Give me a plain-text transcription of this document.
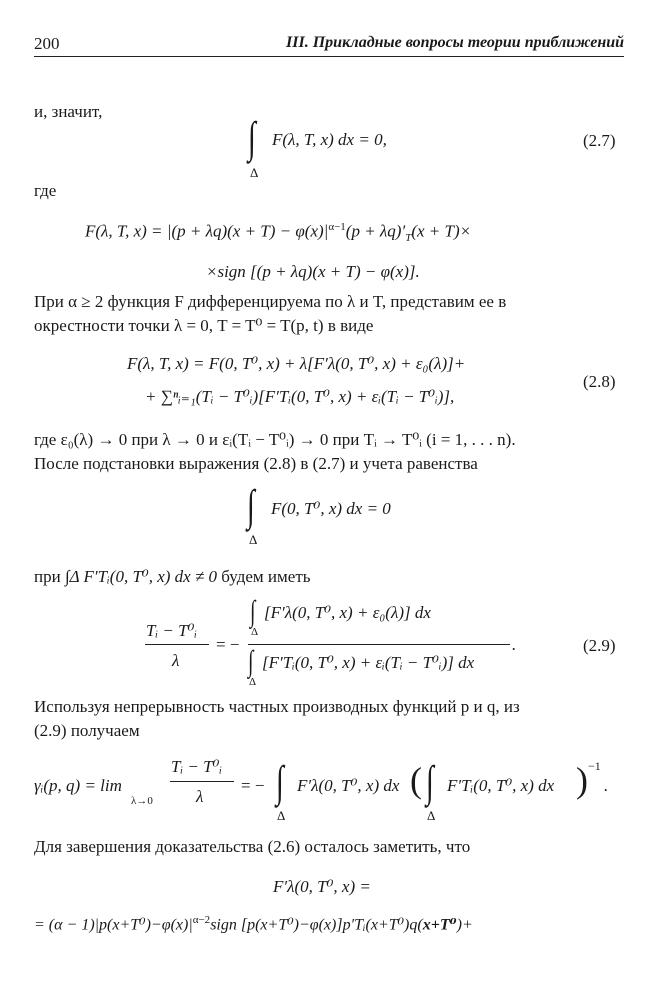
200	III. Прикладные вопросы теории приближений
и, значит,
∫
Δ
F(λ, T, x) dx = 0,	(2.7)
где
F(λ, T, $x) = |(p + \lambda q)(x + T) - \varphi(x)|^{\alpha-1}(p + \lambda q)'_T(x + T)\times$
×sign [(p + λq)(x + T) − φ(x)].
При α ≥ 2 функция F дифференцируема по λ и T, представим ее в
окрестности точки λ = 0, T = T⁰ = T(p, t) в виде
F(λ, T, x) = F(0, T⁰, x) + λ[F′λ(0, T⁰, x) + ε₀(λ)]+
+ ∑ⁿᵢ₌₁(Tᵢ − T⁰ᵢ)[F′Tᵢ(0, T⁰, x) + εᵢ(Tᵢ − T⁰ᵢ)],
(2.8)
где ε₀(λ) → 0 при λ → 0 и εᵢ(Tᵢ − T⁰ᵢ) → 0 при Tᵢ → T⁰ᵢ (i = 1, . . . n).
После подстановки выражения (2.8) в (2.7) и учета равенства
∫
Δ
F(0, T⁰, x) dx = 0
при ∫Δ F′Tᵢ(0, T⁰, x) dx ≠ 0 будем иметь
Tᵢ − T⁰ᵢ
λ
= −
∫
Δ
[F′λ(0, T⁰, x) + ε₀(λ)] dx
∫
Δ
[F′Tᵢ(0, T⁰, x) + εᵢ(Tᵢ − T⁰ᵢ)] dx
.	(2.9)
Используя непрерывность частных производных функций p и q, из
(2.9) получаем
γᵢ(p, q) = lim
λ→0
Tᵢ − T⁰ᵢ
λ
= − ∫
Δ
F′λ(0, T⁰, x) dx ( ∫
Δ
F′Tᵢ(0, T⁰, x) dx ) −1
.
Для завершения доказательства (2.6) осталось заметить, что
F′λ(0, T⁰, x) =
= $(\alpha - 1)|p(x+T^0)-\varphi(x)|^{\alpha-2}sign$ [p(x+T⁰)−φ(x)]p′Tᵢ(x+T⁰)q(x+T⁰)+
